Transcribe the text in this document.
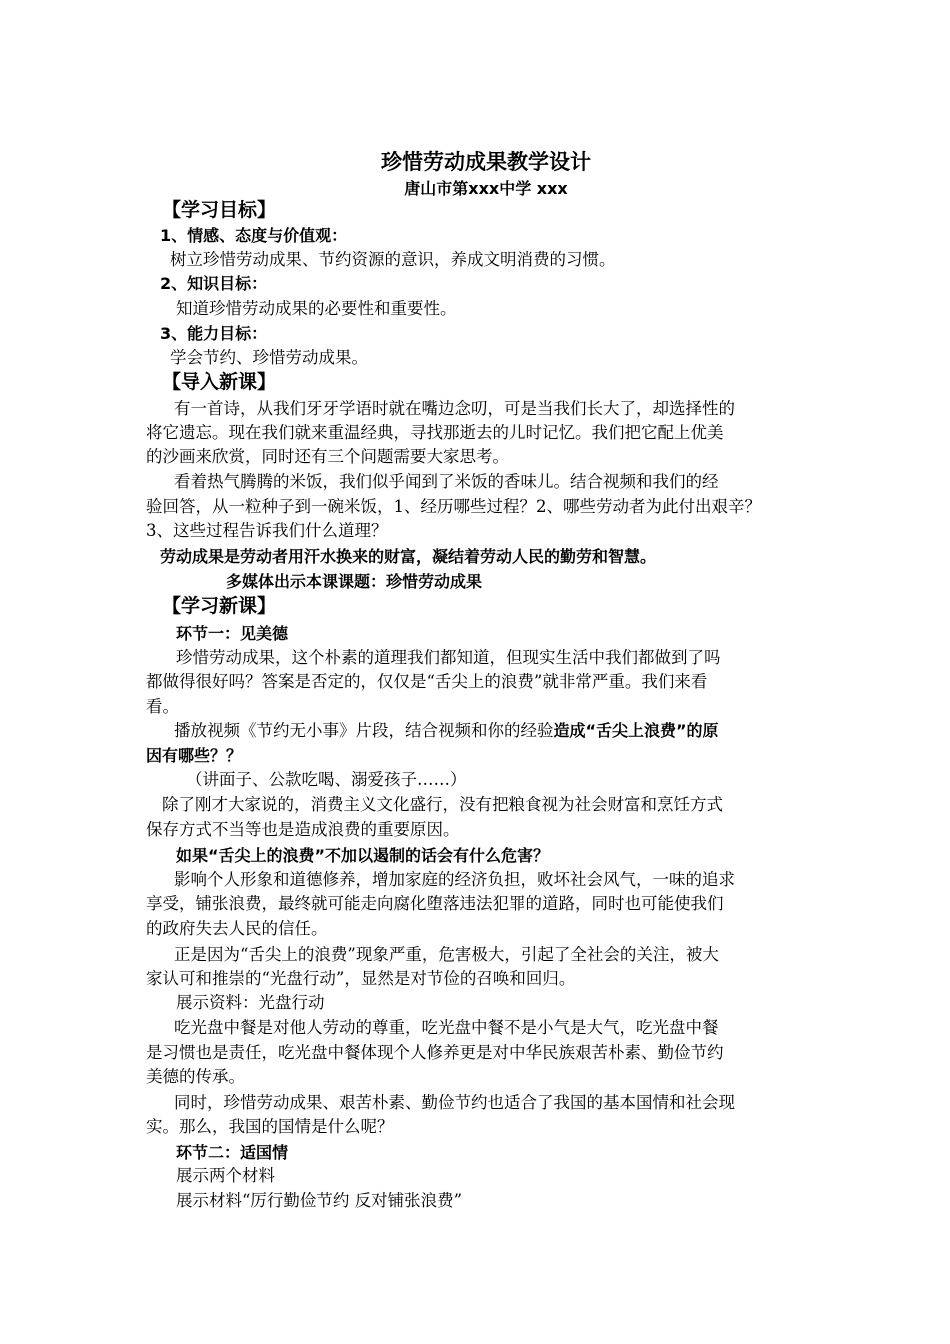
珍惜劳动成果教学设计
唐山市第xxx中学 xxx
【学习目标】
1、情感、态度与价值观：
树立珍惜劳动成果、节约资源的意识，养成文明消费的习惯。
2、知识目标：
知道珍惜劳动成果的必要性和重要性。
3、能力目标：
学会节约、珍惜劳动成果。
【导入新课】
有一首诗，从我们牙牙学语时就在嘴边念叨，可是当我们长大了，却选择性的
将它遗忘。现在我们就来重温经典，寻找那逝去的儿时记忆。我们把它配上优美
的沙画来欣赏，同时还有三个问题需要大家思考。
看着热气腾腾的米饭，我们似乎闻到了米饭的香味儿。结合视频和我们的经
验回答，从一粒种子到一碗米饭，1、经历哪些过程？2、哪些劳动者为此付出艰辛？
3、这些过程告诉我们什么道理？
劳动成果是劳动者用汗水换来的财富，凝结着劳动人民的勤劳和智慧。
多媒体出示本课课题：珍惜劳动成果
【学习新课】
环节一：见美德
珍惜劳动成果，这个朴素的道理我们都知道，但现实生活中我们都做到了吗
都做得很好吗？答案是否定的，仅仅是“舌尖上的浪费”就非常严重。我们来看
看。
播放视频《节约无小事》片段，结合视频和你的经验造成“舌尖上浪费”的原
因有哪些？？
（讲面子、公款吃喝、溺爱孩子……）
除了刚才大家说的，消费主义文化盛行，没有把粮食视为社会财富和烹饪方式
保存方式不当等也是造成浪费的重要原因。
如果“舌尖上的浪费”不加以遏制的话会有什么危害？
影响个人形象和道德修养，增加家庭的经济负担，败坏社会风气，一味的追求
享受，铺张浪费，最终就可能走向腐化堕落违法犯罪的道路，同时也可能使我们
的政府失去人民的信任。
正是因为“舌尖上的浪费”现象严重，危害极大，引起了全社会的关注，被大
家认可和推崇的“光盘行动”，显然是对节俭的召唤和回归。
展示资料：光盘行动
吃光盘中餐是对他人劳动的尊重，吃光盘中餐不是小气是大气，吃光盘中餐
是习惯也是责任，吃光盘中餐体现个人修养更是对中华民族艰苦朴素、勤俭节约
美德的传承。
同时，珍惜劳动成果、艰苦朴素、勤俭节约也适合了我国的基本国情和社会现
实。那么，我国的国情是什么呢？
环节二：适国情
展示两个材料
展示材料“厉行勤俭节约 反对铺张浪费”
